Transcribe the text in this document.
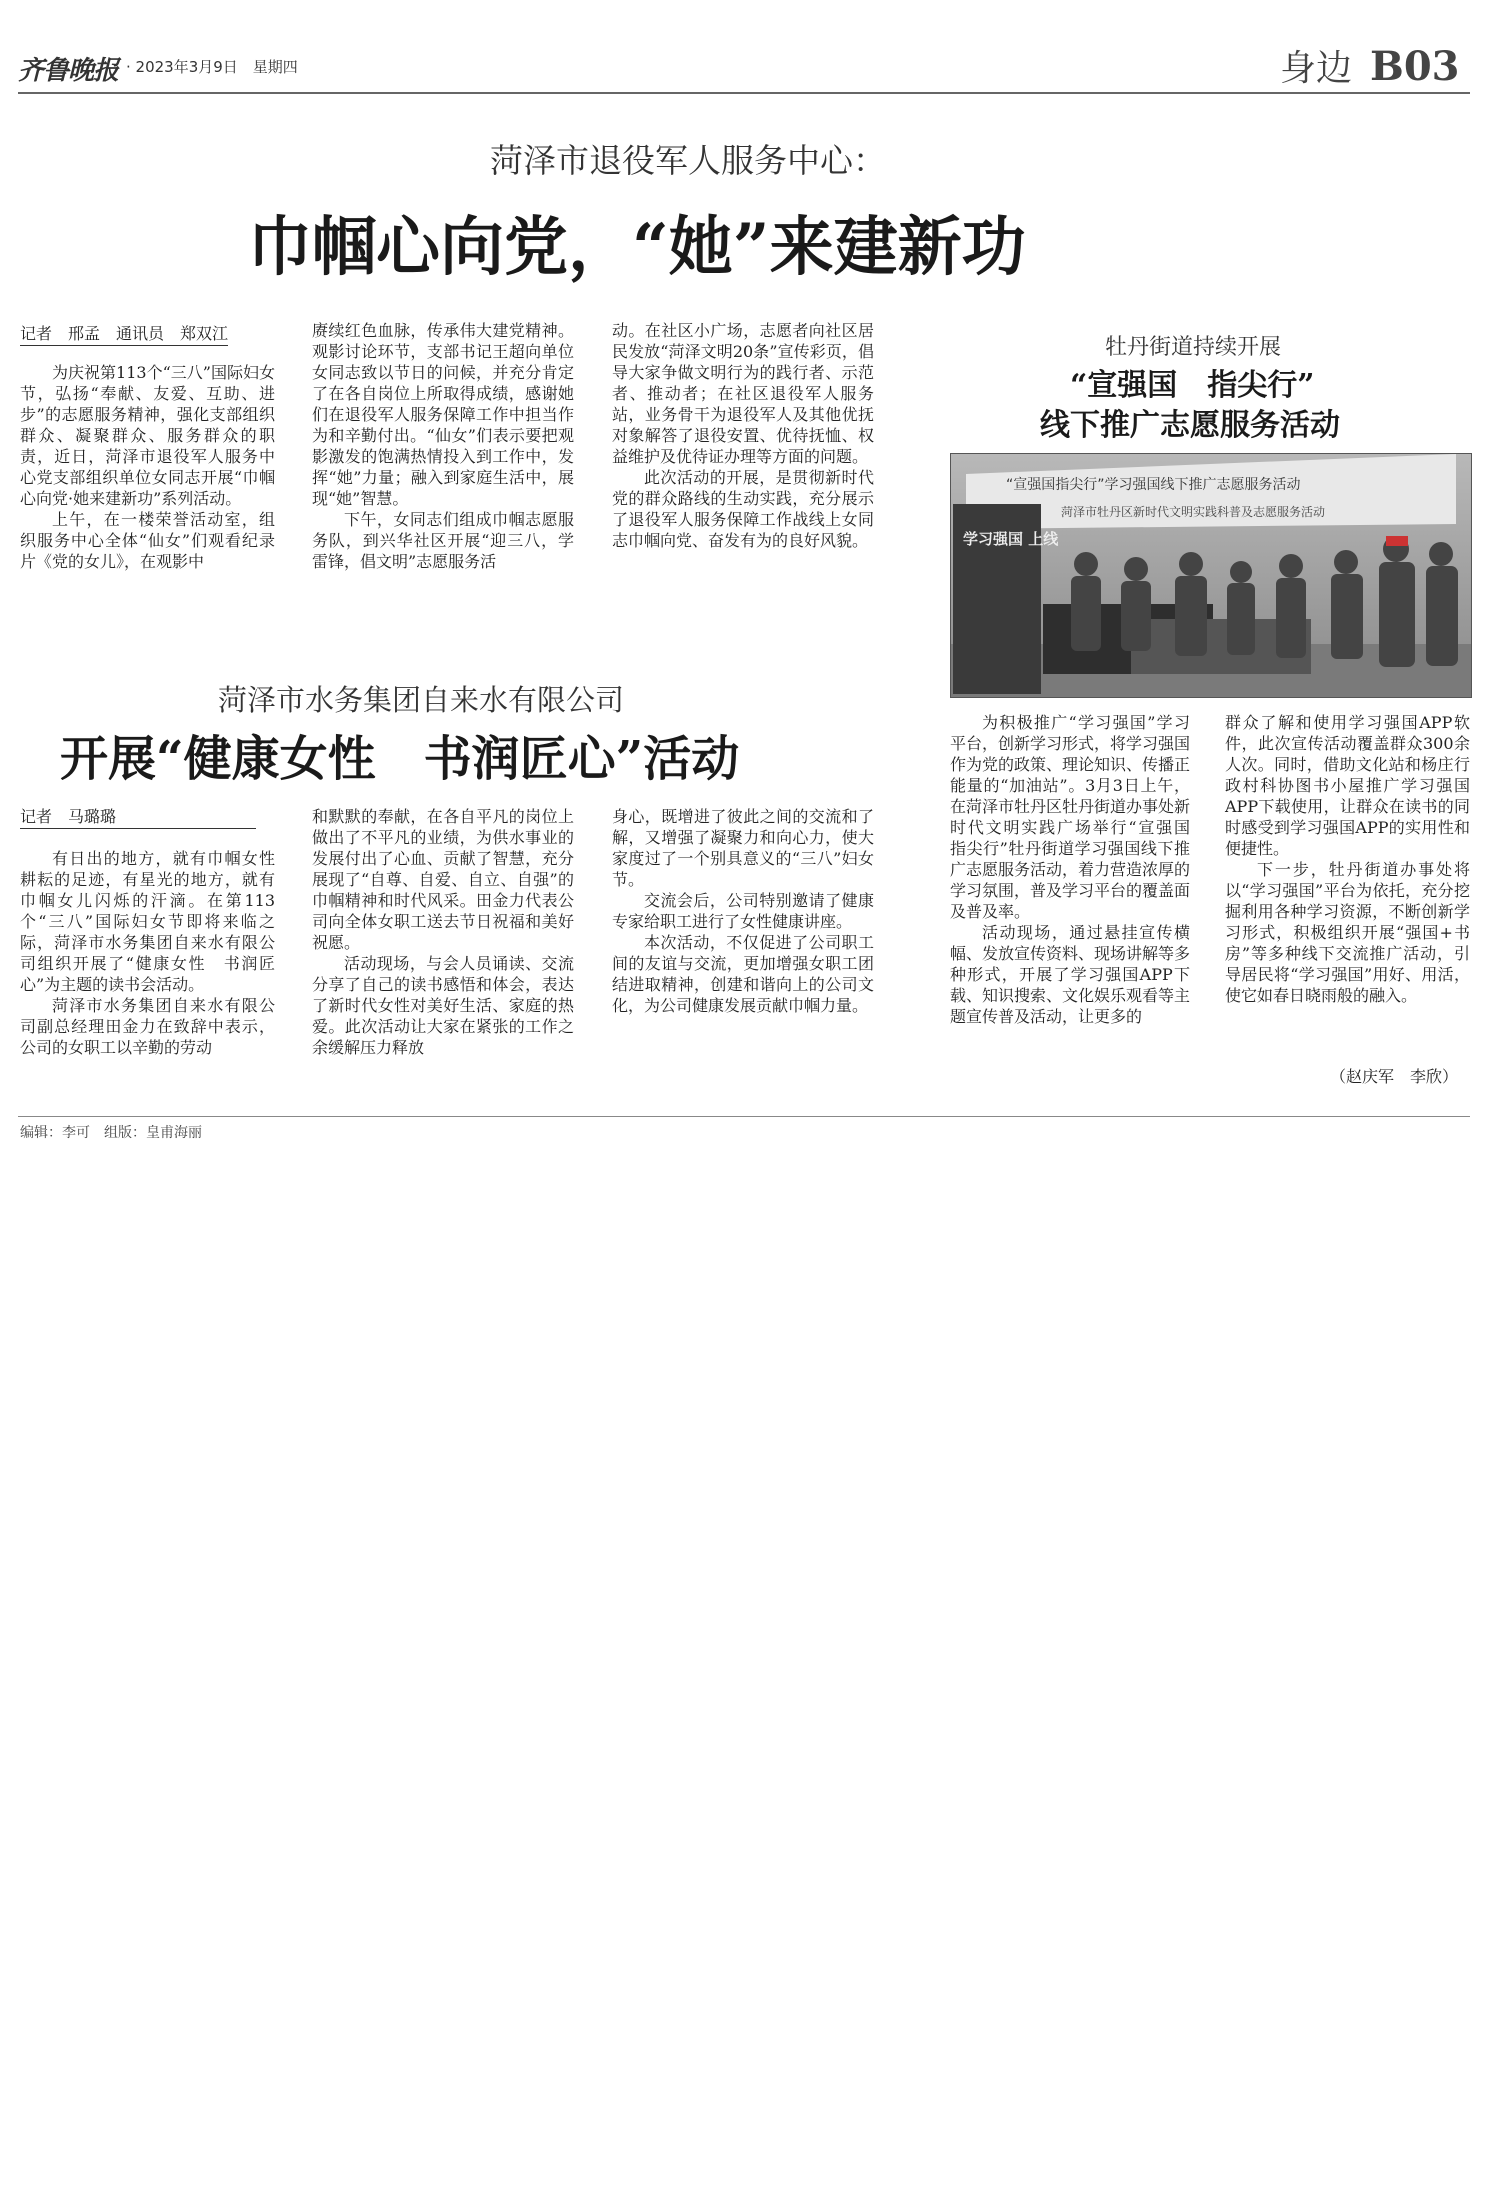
齐鲁晚报 · 2023年3月9日　星期四	身边 B03
菏泽市退役军人服务中心：
巾帼心向党，“她”来建新功
记者　邢孟　通讯员　郑双江

为庆祝第113个“三八”国际妇女节，弘扬“奉献、友爱、互助、进步”的志愿服务精神，强化支部组织群众、凝聚群众、服务群众的职责，近日，菏泽市退役军人服务中心党支部组织单位女同志开展“巾帼心向党·她来建新功”系列活动。

上午，在一楼荣誉活动室，组织服务中心全体“仙女”们观看纪录片《党的女儿》，在观影中

赓续红色血脉，传承伟大建党精神。观影讨论环节，支部书记王超向单位女同志致以节日的问候，并充分肯定了在各自岗位上所取得成绩，感谢她们在退役军人服务保障工作中担当作为和辛勤付出。“仙女”们表示要把观影激发的饱满热情投入到工作中，发挥“她”力量；融入到家庭生活中，展现“她”智慧。

下午，女同志们组成巾帼志愿服务队，到兴华社区开展“迎三八，学雷锋，倡文明”志愿服务活

动。在社区小广场，志愿者向社区居民发放“菏泽文明20条”宣传彩页，倡导大家争做文明行为的践行者、示范者、推动者；在社区退役军人服务站，业务骨干为退役军人及其他优抚对象解答了退役安置、优待抚恤、权益维护及优待证办理等方面的问题。

此次活动的开展，是贯彻新时代党的群众路线的生动实践，充分展示了退役军人服务保障工作战线上女同志巾帼向党、奋发有为的良好风貌。

牡丹街道持续开展
“宣强国　指尖行”
线下推广志愿服务活动
“宣强国指尖行”学习强国线下推广志愿服务活动
菏泽市牡丹区新时代文明实践科普及志愿服务活动
学习强国 上线

为积极推广“学习强国”学习平台，创新学习形式，将学习强国作为党的政策、理论知识、传播正能量的“加油站”。3月3日上午，在菏泽市牡丹区牡丹街道办事处新时代文明实践广场举行“宣强国　指尖行”牡丹街道学习强国线下推广志愿服务活动，着力营造浓厚的学习氛围，普及学习平台的覆盖面及普及率。

活动现场，通过悬挂宣传横幅、发放宣传资料、现场讲解等多种形式，开展了学习强国APP下载、知识搜索、文化娱乐观看等主题宣传普及活动，让更多的

群众了解和使用学习强国APP软件，此次宣传活动覆盖群众300余人次。同时，借助文化站和杨庄行政村科协图书小屋推广学习强国APP下载使用，让群众在读书的同时感受到学习强国APP的实用性和便捷性。

下一步，牡丹街道办事处将以“学习强国”平台为依托，充分挖掘利用各种学习资源，不断创新学习形式，积极组织开展“强国+书房”等多种线下交流推广活动，引导居民将“学习强国”用好、用活，使它如春日晓雨般的融入。

（赵庆军　李欣）
菏泽市水务集团自来水有限公司
开展“健康女性　书润匠心”活动
记者　马璐璐

有日出的地方，就有巾帼女性耕耘的足迹，有星光的地方，就有巾帼女儿闪烁的汗滴。在第113个“三八”国际妇女节即将来临之际，菏泽市水务集团自来水有限公司组织开展了“健康女性　书润匠心”为主题的读书会活动。

菏泽市水务集团自来水有限公司副总经理田金力在致辞中表示，公司的女职工以辛勤的劳动

和默默的奉献，在各自平凡的岗位上做出了不平凡的业绩，为供水事业的发展付出了心血、贡献了智慧，充分展现了“自尊、自爱、自立、自强”的巾帼精神和时代风采。田金力代表公司向全体女职工送去节日祝福和美好祝愿。

活动现场，与会人员诵读、交流分享了自己的读书感悟和体会，表达了新时代女性对美好生活、家庭的热爱。此次活动让大家在紧张的工作之余缓解压力释放

身心，既增进了彼此之间的交流和了解，又增强了凝聚力和向心力，使大家度过了一个别具意义的“三八”妇女节。

交流会后，公司特别邀请了健康专家给职工进行了女性健康讲座。

本次活动，不仅促进了公司职工间的友谊与交流，更加增强女职工团结进取精神，创建和谐向上的公司文化，为公司健康发展贡献巾帼力量。

编辑：李可　组版：皇甫海丽
